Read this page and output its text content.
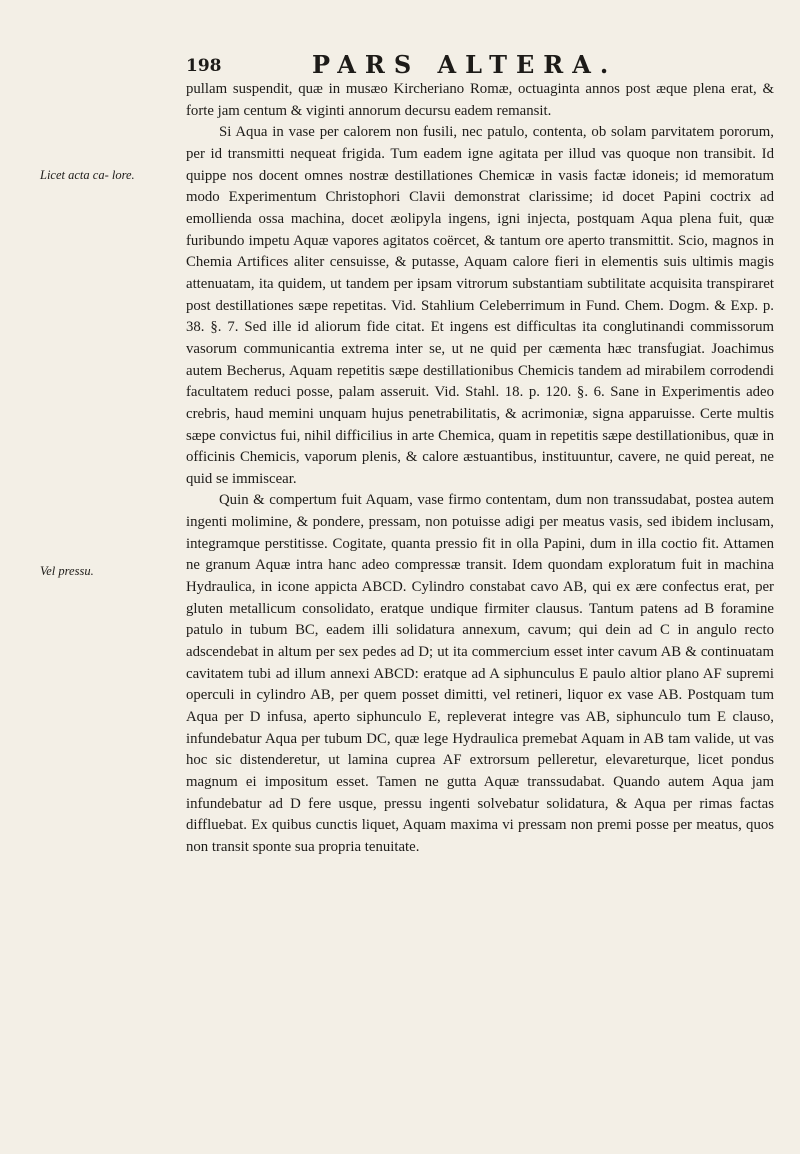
198	PARS ALTERA.
Licet acta ca- lore.
Vel pressu.

pullam suspendit, quæ in musæo Kircheriano Romæ, octuaginta annos post æque plena erat, & forte jam centum & viginti annorum decursu eadem remansit.

Si Aqua in vase per calorem non fusili, nec patulo, contenta, ob solam parvitatem pororum, per id transmitti nequeat frigida. Tum eadem igne agitata per illud vas quoque non transibit. Id quippe nos docent omnes nostræ destillationes Chemicæ in vasis factæ idoneis; id memoratum modo Experimentum Christophori Clavii demonstrat clarissime; id docet Papini coctrix ad emollienda ossa machina, docet æolipyla ingens, igni injecta, postquam Aqua plena fuit, quæ furibundo impetu Aquæ vapores agitatos coërcet, & tantum ore aperto transmittit. Scio, magnos in Chemia Artifices aliter censuisse, & putasse, Aquam calore fieri in elementis suis ultimis magis attenuatam, ita quidem, ut tandem per ipsam vitrorum substantiam subtilitate acquisita transpiraret post destillationes sæpe repetitas. Vid. Stahlium Celeberrimum in Fund. Chem. Dogm. & Exp. p. 38. §. 7. Sed ille id aliorum fide citat. Et ingens est difficultas ita conglutinandi commissorum vasorum communicantia extrema inter se, ut ne quid per cæmenta hæc transfugiat. Joachimus autem Becherus, Aquam repetitis sæpe destillationibus Chemicis tandem ad mirabilem corrodendi facultatem reduci posse, palam asseruit. Vid. Stahl. 18. p. 120. §. 6. Sane in Experimentis adeo crebris, haud memini unquam hujus penetrabilitatis, & acrimoniæ, signa apparuisse. Certe multis sæpe convictus fui, nihil difficilius in arte Chemica, quam in repetitis sæpe destillationibus, quæ in officinis Chemicis, vaporum plenis, & calore æstuantibus, instituuntur, cavere, ne quid pereat, ne quid se immiscear.

Quin & compertum fuit Aquam, vase firmo contentam, dum non transsudabat, postea autem ingenti molimine, & pondere, pressam, non potuisse adigi per meatus vasis, sed ibidem inclusam, integramque perstitisse. Cogitate, quanta pressio fit in olla Papini, dum in illa coctio fit. Attamen ne granum Aquæ intra hanc adeo compressæ transit. Idem quondam exploratum fuit in machina Hydraulica, in icone appicta ABCD. Cylindro constabat cavo AB, qui ex ære confectus erat, per gluten metallicum consolidato, eratque undique firmiter clausus. Tantum patens ad B foramine patulo in tubum BC, eadem illi solidatura annexum, cavum; qui dein ad C in angulo recto adscendebat in altum per sex pedes ad D; ut ita commercium esset inter cavum AB & continuatam cavitatem tubi ad illum annexi ABCD: eratque ad A siphunculus E paulo altior plano AF supremi operculi in cylindro AB, per quem posset dimitti, vel retineri, liquor ex vase AB. Postquam tum Aqua per D infusa, aperto siphunculo E, repleverat integre vas AB, siphunculo tum E clauso, infundebatur Aqua per tubum DC, quæ lege Hydraulica premebat Aquam in AB tam valide, ut vas hoc sic distenderetur, ut lamina cuprea AF extrorsum pelleretur, elevareturque, licet pondus magnum ei impositum esset. Tamen ne gutta Aquæ transsudabat. Quando autem Aqua jam infundebatur ad D fere usque, pressu ingenti solvebatur solidatura, & Aqua per rimas factas diffluebat. Ex quibus cunctis liquet, Aquam maxima vi pressam non premi posse per meatus, quos non transit sponte sua propria tenuitate.
